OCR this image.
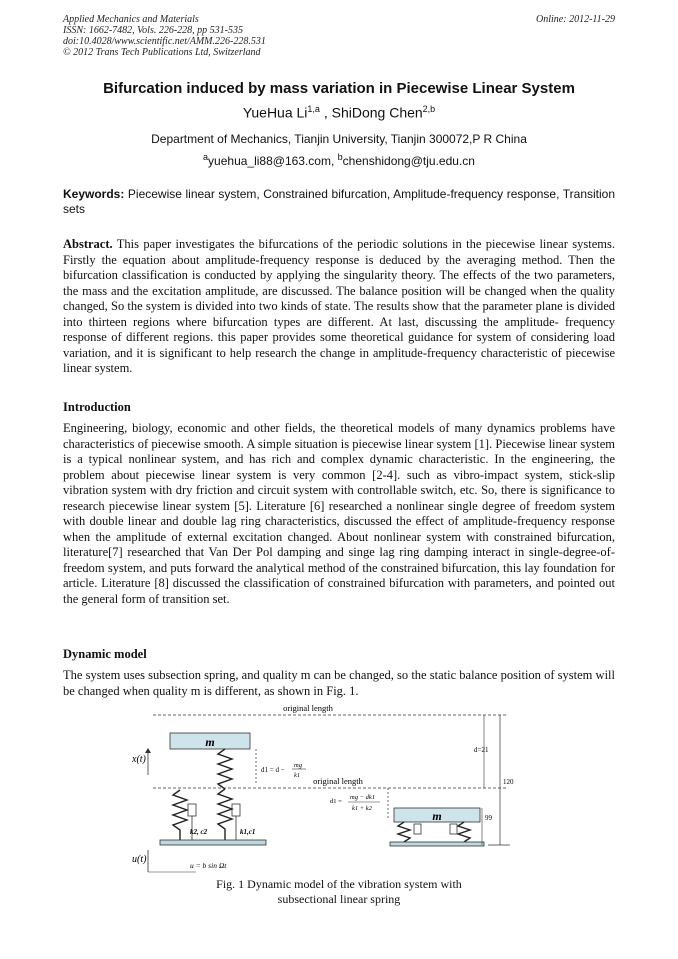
Applied Mechanics and Materials
ISSN: 1662-7482, Vols. 226-228, pp 531-535
doi:10.4028/www.scientific.net/AMM.226-228.531
© 2012 Trans Tech Publications Ltd, Switzerland
Online: 2012-11-29
Bifurcation induced by mass variation in Piecewise Linear System
YueHua Li$^{1,a}$ , ShiDong Chen$^{2,b}$
Department of Mechanics, Tianjin University, Tianjin 300072,P R China
$^a$yuehua_li88@163.com, $^b$chenshidong@tju.edu.cn
Keywords: Piecewise linear system, Constrained bifurcation, Amplitude-frequency response, Transition sets
Abstract. This paper investigates the bifurcations of the periodic solutions in the piecewise linear systems. Firstly the equation about amplitude-frequency response is deduced by the averaging method. Then the bifurcation classification is conducted by applying the singularity theory. The effects of the two parameters, the mass and the excitation amplitude, are discussed. The balance position will be changed when the quality changed, So the system is divided into two kinds of state. The results show that the parameter plane is divided into thirteen regions where bifurcation types are different. At last, discussing the amplitude- frequency response of different regions. this paper provides some theoretical guidance for system of considering load variation, and it is significant to help research the change in amplitude-frequency characteristic of piecewise linear system.
Introduction
Engineering, biology, economic and other fields, the theoretical models of many dynamics problems have characteristics of piecewise smooth. A simple situation is piecewise linear system [1]. Piecewise linear system is a typical nonlinear system, and has rich and complex dynamic characteristic. In the engineering, the problem about piecewise linear system is very common [2-4]. such as vibro-impact system, stick-slip vibration system with dry friction and circuit system with controllable switch, etc. So, there is significance to research piecewise linear system [5]. Literature [6] researched a nonlinear single degree of freedom system with double linear and double lag ring characteristics, discussed the effect of amplitude-frequency response when the amplitude of external excitation changed. About nonlinear system with constrained bifurcation, literature[7] researched that Van Der Pol damping and singe lag ring damping interact in single-degree-of-freedom system, and puts forward the analytical method of the constrained bifurcation, this lay foundation for article. Literature [8] discussed the classification of constrained bifurcation with parameters, and pointed out the general form of transition set.
Dynamic model
The system uses subsection spring, and quality m can be changed, so the static balance position of system will be changed when quality m is different, as shown in Fig. 1.
original length
m
x(t)
d1 = d −
mg
k1
original length
k2, c2	k1,c1
u(t)
u = b sin Ωt
d1 =
mg − dk1
k1 + k2
m
120
99
d=21
Fig. 1 Dynamic model of the vibration system with
subsectional linear spring
